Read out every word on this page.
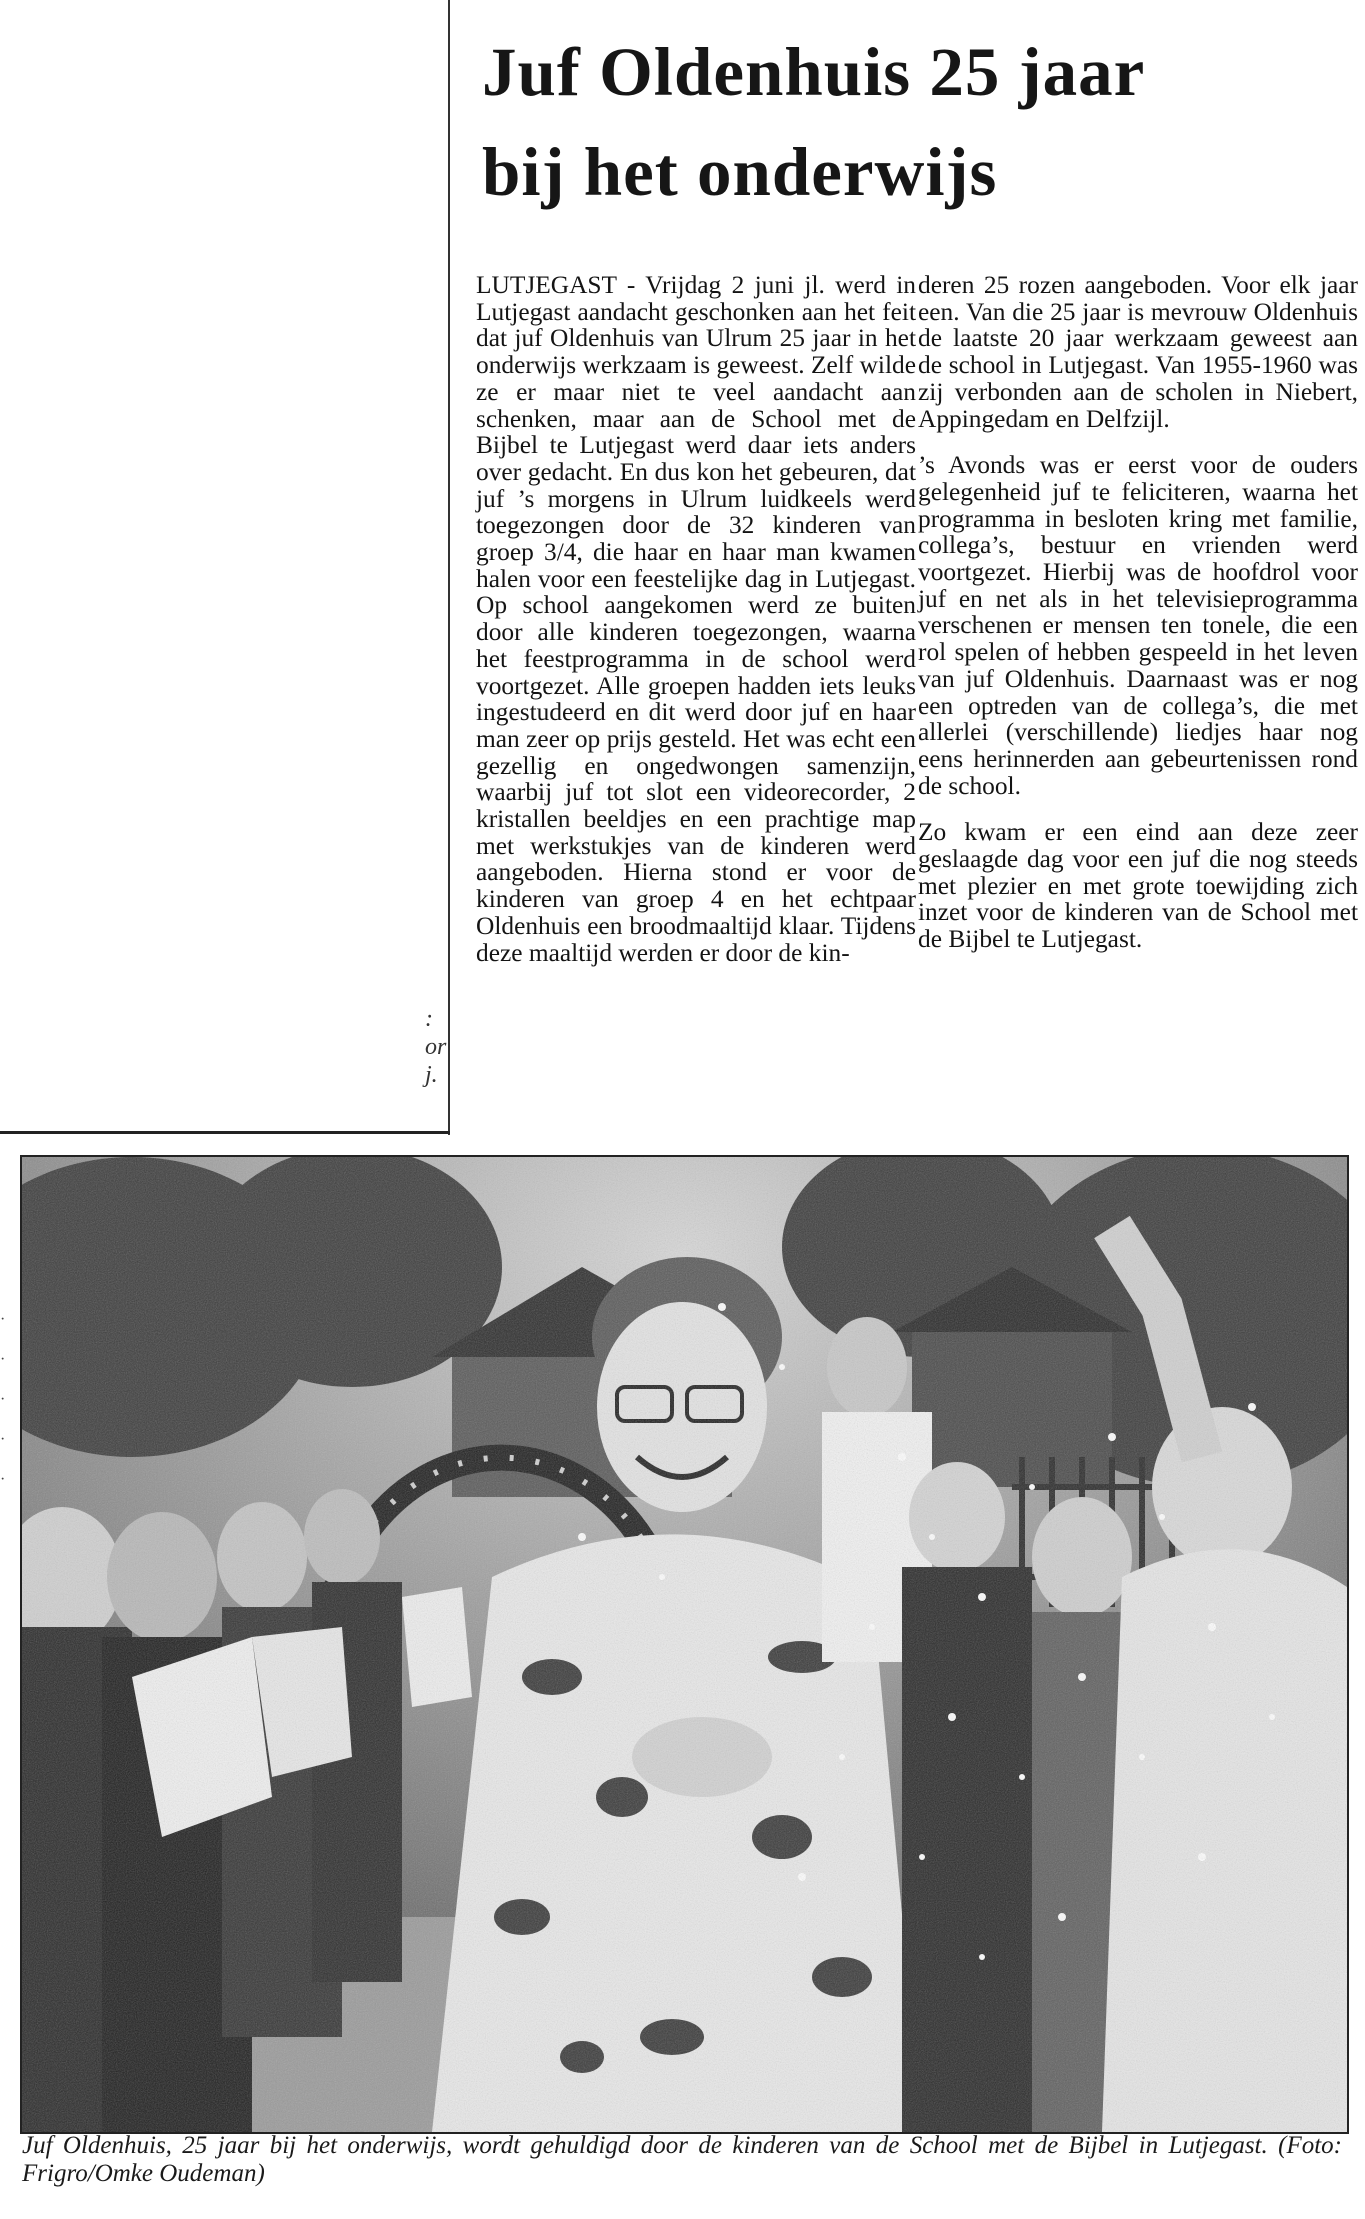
Juf Oldenhuis 25 jaar
bij het onderwijs

LUTJEGAST - Vrijdag 2 juni jl. werd in Lutjegast aandacht geschonken aan het feit dat juf Oldenhuis van Ulrum 25 jaar in het onderwijs werkzaam is geweest. Zelf wilde ze er maar niet te veel aandacht aan schenken, maar aan de School met de Bijbel te Lutjegast werd daar iets anders over gedacht. En dus kon het gebeuren, dat juf ’s morgens in Ulrum luidkeels werd toegezongen door de 32 kinderen van groep 3/4, die haar en haar man kwamen halen voor een feestelijke dag in Lutjegast. Op school aangekomen werd ze buiten door alle kinderen toegezongen, waarna het feestprogramma in de school werd voortgezet. Alle groepen hadden iets leuks ingestudeerd en dit werd door juf en haar man zeer op prijs gesteld. Het was echt een gezellig en ongedwongen samenzijn, waarbij juf tot slot een videorecorder, 2 kristallen beeldjes en een prachtige map met werkstukjes van de kinderen werd aangeboden. Hierna stond er voor de kinderen van groep 4 en het echtpaar Oldenhuis een broodmaaltijd klaar. Tijdens deze maaltijd werden er door de kin-

deren 25 rozen aangeboden. Voor elk jaar een. Van die 25 jaar is mevrouw Oldenhuis de laatste 20 jaar werkzaam geweest aan de school in Lutjegast. Van 1955-1960 was zij verbonden aan de scholen in Niebert, Appingedam en Delfzijl.

’s Avonds was er eerst voor de ouders gelegenheid juf te feliciteren, waarna het programma in besloten kring met familie, collega’s, bestuur en vrienden werd voortgezet. Hierbij was de hoofdrol voor juf en net als in het televisieprogramma verschenen er mensen ten tonele, die een rol spelen of hebben gespeeld in het leven van juf Oldenhuis. Daarnaast was er nog een optreden van de collega’s, die met allerlei (verschillende) liedjes haar nog eens herinnerden aan gebeurtenissen rond de school.

Zo kwam er een eind aan deze zeer geslaagde dag voor een juf die nog steeds met plezier en met grote toewijding zich inzet voor de kinderen van de School met de Bijbel te Lutjegast.

:
or
j.
·
·
·
·
·
Juf Oldenhuis, 25 jaar bij het onderwijs, wordt gehuldigd door de kinderen van de School met de Bijbel in Lutjegast. (Foto: Frigro/Omke Oudeman)
